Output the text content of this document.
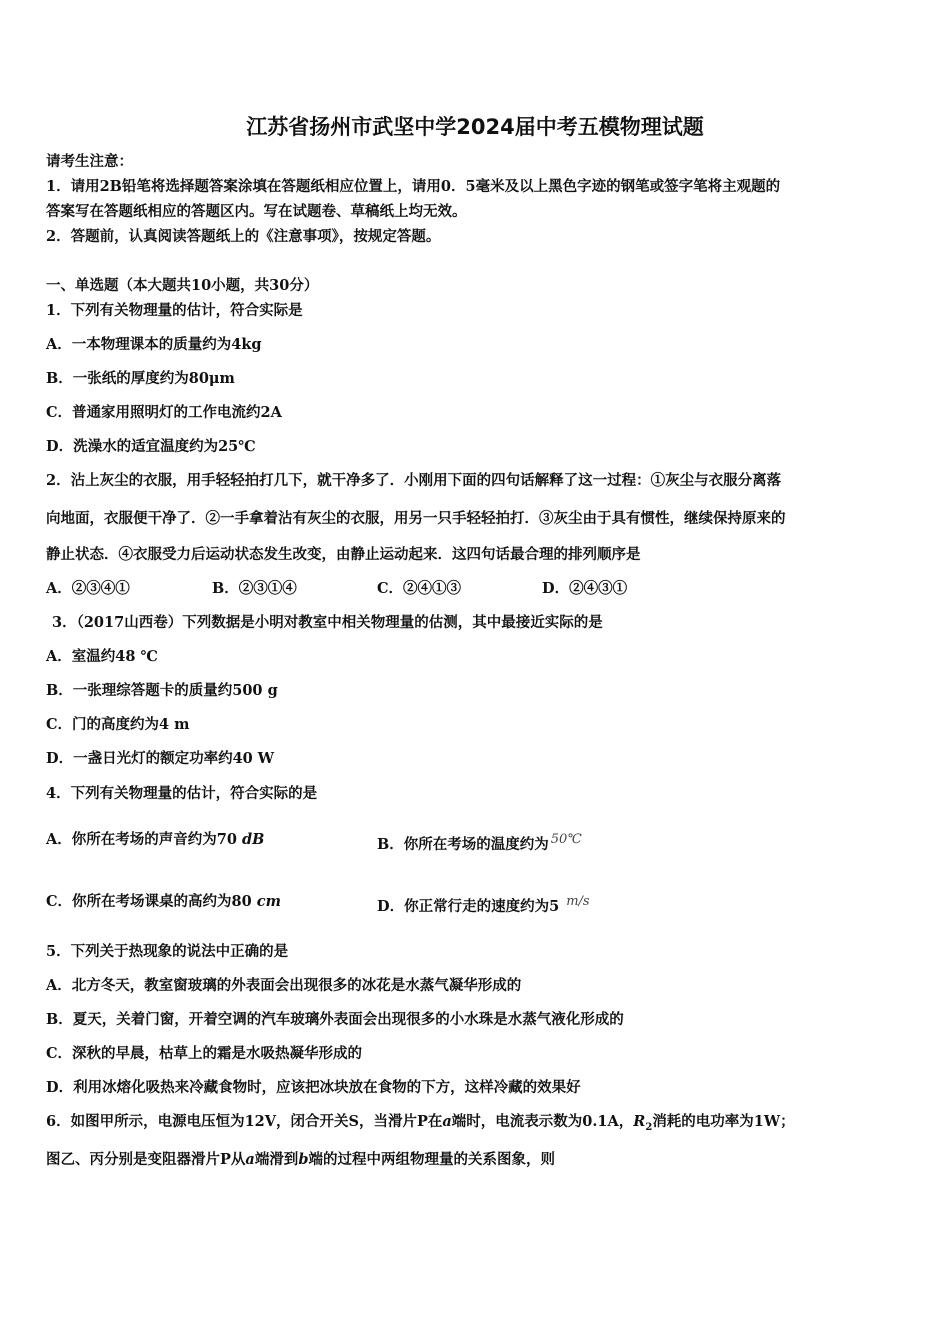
江苏省扬州市武坚中学2024届中考五模物理试题
请考生注意：
1．请用2B铅笔将选择题答案涂填在答题纸相应位置上，请用0．5毫米及以上黑色字迹的钢笔或签字笔将主观题的
答案写在答题纸相应的答题区内。写在试题卷、草稿纸上均无效。
2．答题前，认真阅读答题纸上的《注意事项》，按规定答题。
一、单选题（本大题共10小题，共30分）
1．下列有关物理量的估计，符合实际是
A．一本物理课本的质量约为4kg
B．一张纸的厚度约为80μm
C．普通家用照明灯的工作电流约2A
D．洗澡水的适宜温度约为25℃
2．沾上灰尘的衣服，用手轻轻拍打几下，就干净多了．小刚用下面的四句话解释了这一过程：①灰尘与衣服分离落
向地面，衣服便干净了．②一手拿着沾有灰尘的衣服，用另一只手轻轻拍打．③灰尘由于具有惯性，继续保持原来的
静止状态．④衣服受力后运动状态发生改变，由静止运动起来．这四句话最合理的排列顺序是
A．②③④①	B．②③①④	C．②④①③	D．②④③①
3．（2017山西卷）下列数据是小明对教室中相关物理量的估测，其中最接近实际的是
A．室温约48 ℃
B．一张理综答题卡的质量约500 g
C．门的高度约为4 m
D．一盏日光灯的额定功率约40 W
4．下列有关物理量的估计，符合实际的是
A．你所在考场的声音约为70 dB	B．你所在考场的温度约为 50℃
C．你所在考场课桌的高约为80 cm	D．你正常行走的速度约为5 m/s
5．下列关于热现象的说法中正确的是
A．北方冬天，教室窗玻璃的外表面会出现很多的冰花是水蒸气凝华形成的
B．夏天，关着门窗，开着空调的汽车玻璃外表面会出现很多的小水珠是水蒸气液化形成的
C．深秋的早晨，枯草上的霜是水吸热凝华形成的
D．利用冰熔化吸热来冷藏食物时，应该把冰块放在食物的下方，这样冷藏的效果好
6．如图甲所示，电源电压恒为12V，闭合开关S，当滑片P在a端时，电流表示数为0.1A，$R_2$消耗的电功率为1W；
图乙、丙分别是变阻器滑片P从a端滑到b端的过程中两组物理量的关系图象，则
